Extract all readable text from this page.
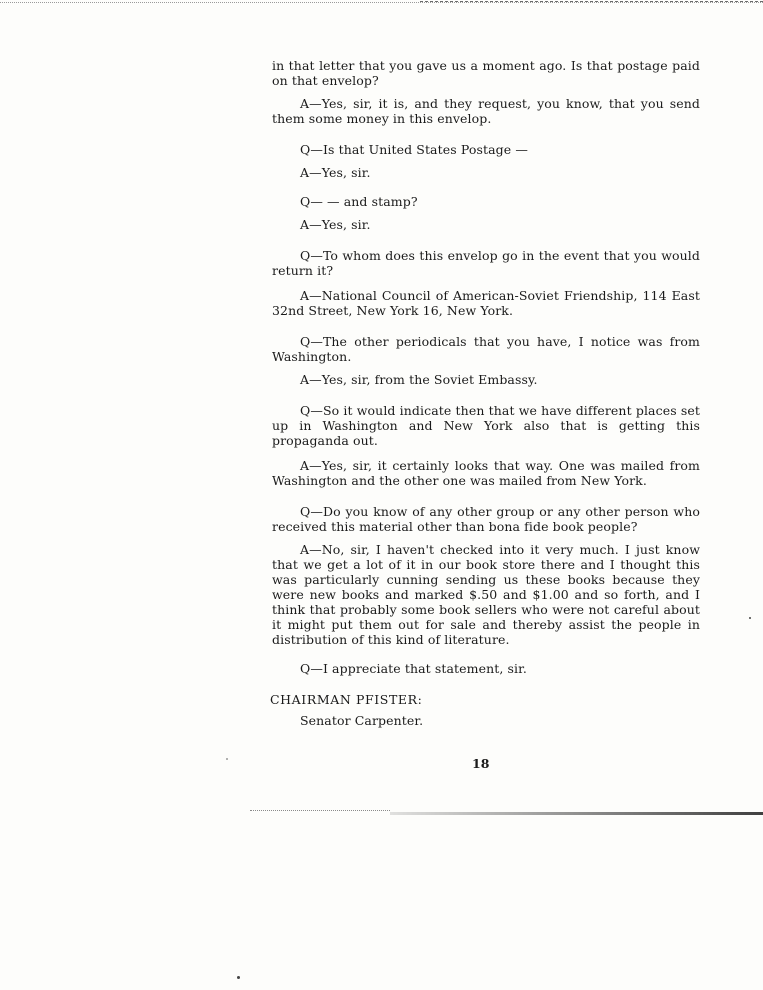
in that letter that you gave us a moment ago. Is that postage paid on that envelop?

A—Yes, sir, it is, and they request, you know, that you send them some money in this envelop.

Q—Is that United States Postage —

A—Yes, sir.

Q— — and stamp?

A—Yes, sir.

Q—To whom does this envelop go in the event that you would return it?

A—National Council of American-Soviet Friendship, 114 East 32nd Street, New York 16, New York.

Q—The other periodicals that you have, I notice was from Washington.

A—Yes, sir, from the Soviet Embassy.

Q—So it would indicate then that we have different places set up in Washington and New York also that is getting this propaganda out.

A—Yes, sir, it certainly looks that way. One was mailed from Washington and the other one was mailed from New York.

Q—Do you know of any other group or any other person who received this material other than bona fide book people?

A—No, sir, I haven't checked into it very much. I just know that we get a lot of it in our book store there and I thought this was particularly cunning sending us these books because they were new books and marked $.50 and $1.00 and so forth, and I think that probably some book sellers who were not careful about it might put them out for sale and thereby assist the people in distribution of this kind of literature.

Q—I appreciate that statement, sir.

CHAIRMAN PFISTER:

Senator Carpenter.

18
